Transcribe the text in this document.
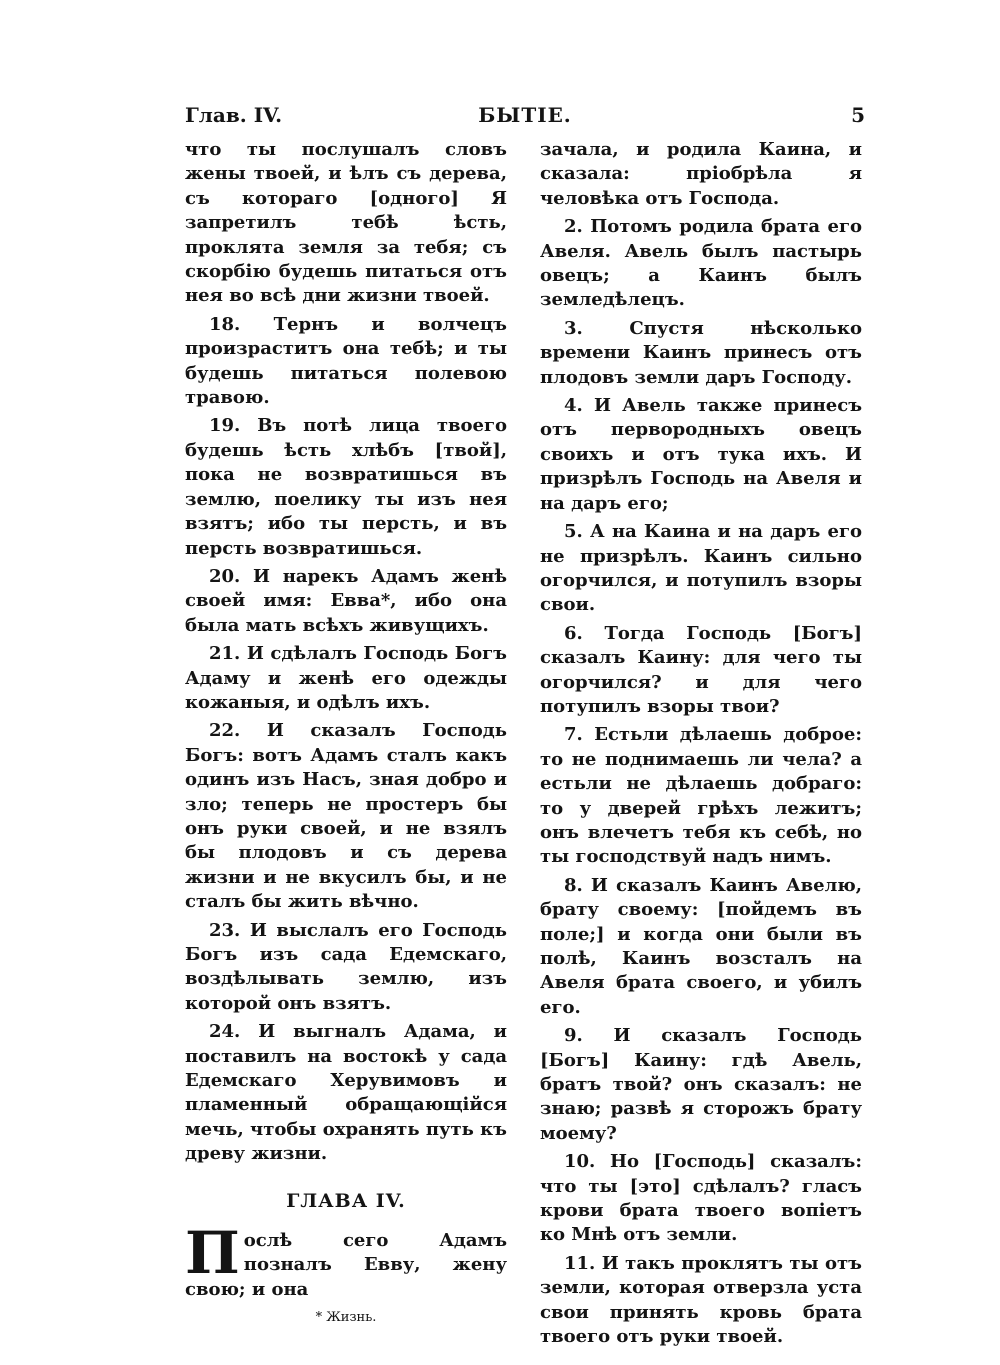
Глав. IV.	БЫТІЕ.	5

что ты послушалъ словъ жены твоей, и ѣлъ съ дерева, съ котораго [одного] Я запретилъ тебѣ ѣсть, проклята земля за тебя; съ скорбію будешь питаться отъ нея во всѣ дни жизни твоей.

18. Тернъ и волчецъ произраститъ она тебѣ; и ты будешь питаться полевою травою.

19. Въ потѣ лица твоего будешь ѣсть хлѣбъ [твой], пока не возвратишься въ землю, поелику ты изъ нея взятъ; ибо ты персть, и въ персть возвратишься.

20. И нарекъ Адамъ женѣ своей имя: Евва*, ибо она была мать всѣхъ живущихъ.

21. И сдѣлалъ Господь Богъ Адаму и женѣ его одежды кожаныя, и одѣлъ ихъ.

22. И сказалъ Господь Богъ: вотъ Адамъ сталъ какъ одинъ изъ Насъ, зная добро и зло; теперь не простеръ бы онъ руки своей, и не взялъ бы плодовъ и съ дерева жизни и не вкусилъ бы, и не сталъ бы жить вѣчно.

23. И выслалъ его Господь Богъ изъ сада Едемскаго, воздѣлывать землю, изъ которой онъ взятъ.

24. И выгналъ Адама, и поставилъ на востокѣ у сада Едемскаго Херувимовъ и пламенный обращающійся мечь, чтобы охранять путь къ древу жизни.

ГЛАВА IV.

П ослѣ сего Адамъ позналъ Евву, жену свою; и она

* Жизнь.

зачала, и родила Каина, и сказала: пріобрѣла я человѣка отъ Господа.

2. Потомъ родила брата его Авеля. Авель былъ пастырь овецъ; а Каинъ былъ земледѣлецъ.

3. Спустя нѣсколько времени Каинъ принесъ отъ плодовъ земли даръ Господу.

4. И Авель также принесъ отъ первородныхъ овецъ своихъ и отъ тука ихъ. И призрѣлъ Господь на Авеля и на даръ его;

5. А на Каина и на даръ его не призрѣлъ. Каинъ сильно огорчился, и потупилъ взоры свои.

6. Тогда Господь [Богъ] сказалъ Каину: для чего ты огорчился? и для чего потупилъ взоры твои?

7. Естьли дѣлаешь доброе: то не поднимаешь ли чела? а естьли не дѣлаешь добраго: то у дверей грѣхъ лежитъ; онъ влечетъ тебя къ себѣ, но ты господствуй надъ нимъ.

8. И сказалъ Каинъ Авелю, брату своему: [пойдемъ въ поле;] и когда они были въ полѣ, Каинъ возсталъ на Авеля брата своего, и убилъ его.

9. И сказалъ Господь [Богъ] Каину: гдѣ Авель, братъ твой? онъ сказалъ: не знаю; развѣ я сторожъ брату моему?

10. Но [Господь] сказалъ: что ты [это] сдѣлалъ? гласъ крови брата твоего вопіетъ ко Мнѣ отъ земли.

11. И такъ проклятъ ты отъ земли, которая отверзла уста свои принять кровь брата твоего отъ руки твоей.
